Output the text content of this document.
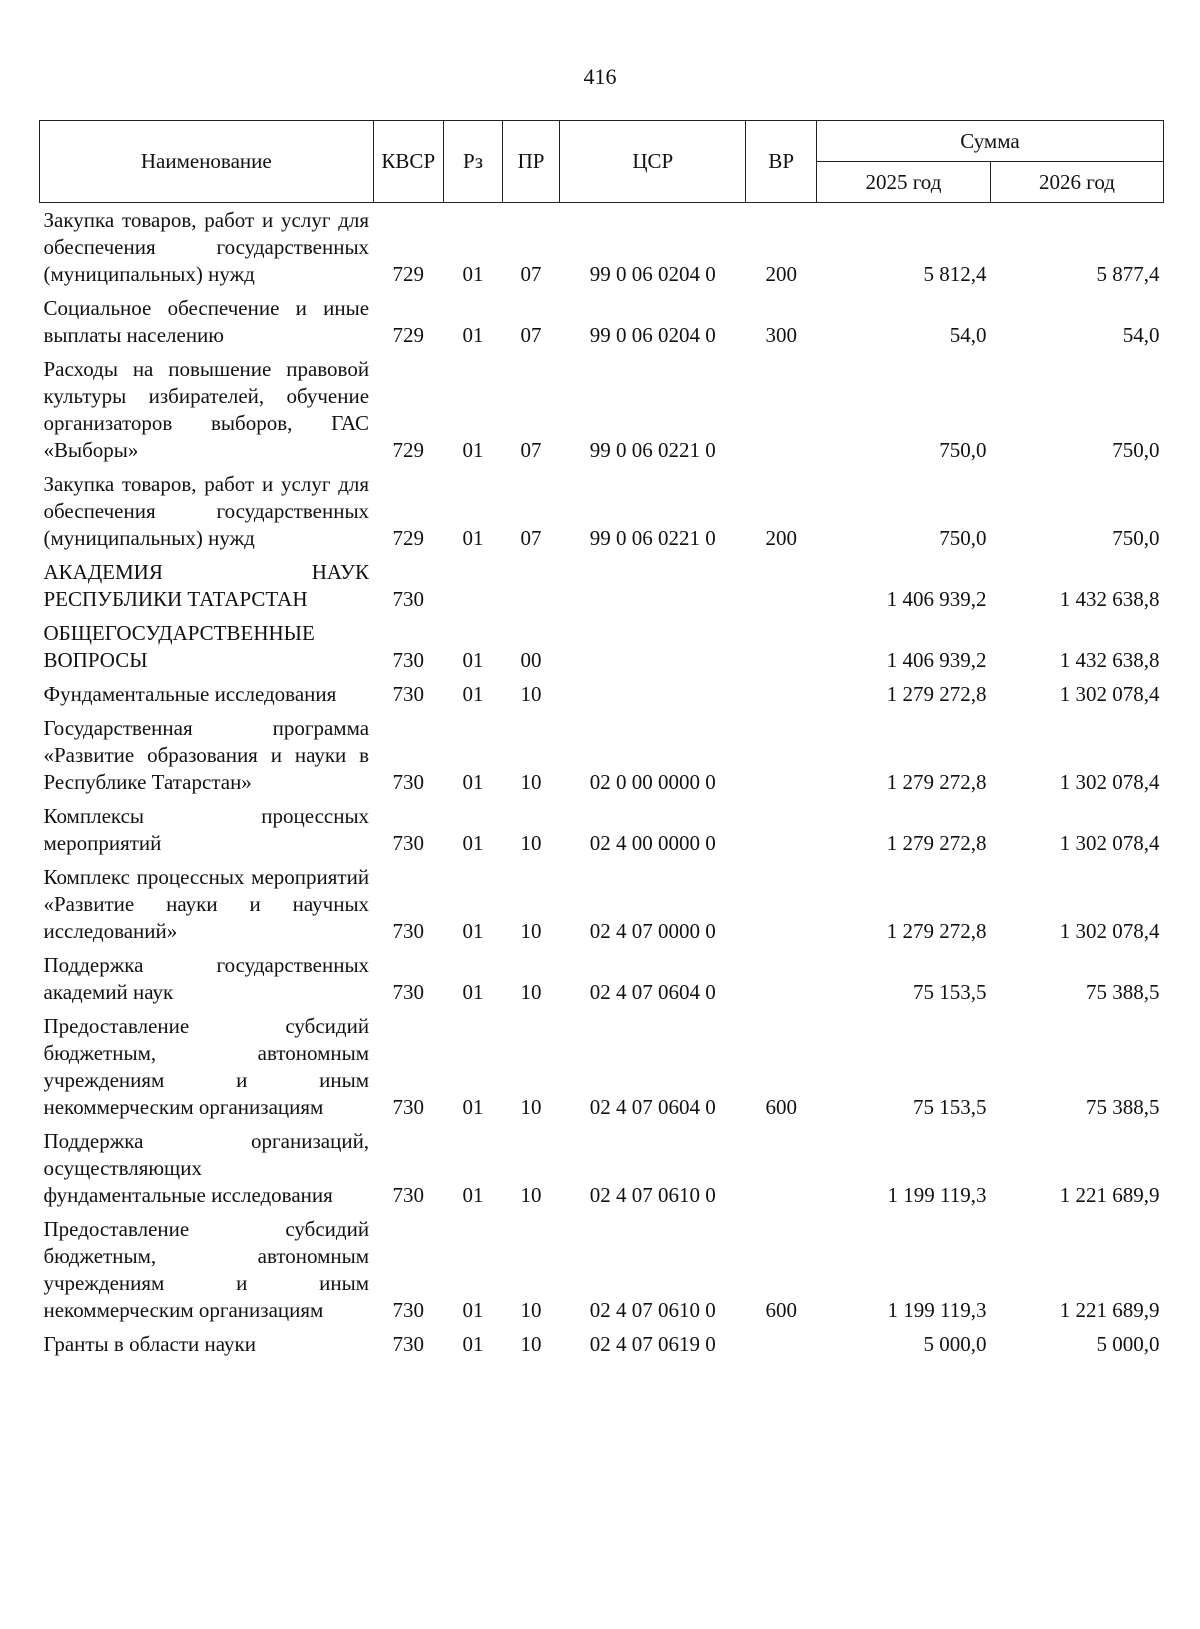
416
Наименование	КВСР	Рз	ПР	ЦСР	ВР	Сумма	
						2025 год	2026 год
Закупка товаров, работ и услуг для обеспечения государственных (муниципальных) нужд	729	01	07	99 0 06 0204 0	200	5 812,4	5 877,4
Социальное обеспечение и иные выплаты населению	729	01	07	99 0 06 0204 0	300	54,0	54,0
Расходы на повышение правовой культуры избирателей, обучение организаторов выборов, ГАС «Выборы»	729	01	07	99 0 06 0221 0		750,0	750,0
Закупка товаров, работ и услуг для обеспечения государственных (муниципальных) нужд	729	01	07	99 0 06 0221 0	200	750,0	750,0
АКАДЕМИЯ НАУК РЕСПУБЛИКИ ТАТАРСТАН	730					1 406 939,2	1 432 638,8
ОБЩЕГОСУДАРСТВЕННЫЕ ВОПРОСЫ	730	01	00			1 406 939,2	1 432 638,8
Фундаментальные исследования	730	01	10			1 279 272,8	1 302 078,4
Государственная программа «Развитие образования и науки в Республике Татарстан»	730	01	10	02 0 00 0000 0		1 279 272,8	1 302 078,4
Комплексы процессных мероприятий	730	01	10	02 4 00 0000 0		1 279 272,8	1 302 078,4
Комплекс процессных мероприятий «Развитие науки и научных исследований»	730	01	10	02 4 07 0000 0		1 279 272,8	1 302 078,4
Поддержка государственных академий наук	730	01	10	02 4 07 0604 0		75 153,5	75 388,5
Предоставление субсидий бюджетным, автономным учреждениям и иным некоммерческим организациям	730	01	10	02 4 07 0604 0	600	75 153,5	75 388,5
Поддержка организаций, осуществляющих фундаментальные исследования	730	01	10	02 4 07 0610 0		1 199 119,3	1 221 689,9
Предоставление субсидий бюджетным, автономным учреждениям и иным некоммерческим организациям	730	01	10	02 4 07 0610 0	600	1 199 119,3	1 221 689,9
Гранты в области науки	730	01	10	02 4 07 0619 0		5 000,0	5 000,0
